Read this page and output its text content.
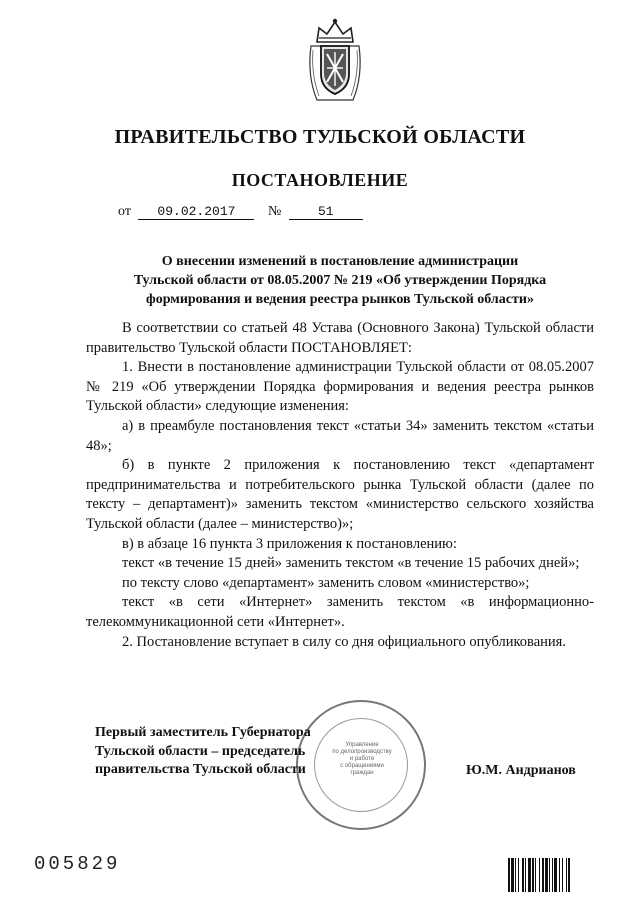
ПРАВИТЕЛЬСТВО ТУЛЬСКОЙ ОБЛАСТИ
ПОСТАНОВЛЕНИЕ
от 09.02.2017 №	51
О внесении изменений в постановление администрации
Тульской области от 08.05.2007 № 219 «Об утверждении Порядка
формирования и ведения реестра рынков Тульской области»

В соответствии со статьей 48 Устава (Основного Закона) Тульской области правительство Тульской области ПОСТАНОВЛЯЕТ:

1. Внести в постановление администрации Тульской области от 08.05.2007 № 219 «Об утверждении Порядка формирования и ведения реестра рынков Тульской области» следующие изменения:

а) в преамбуле постановления текст «статьи 34» заменить текстом «статьи 48»;

б) в пункте 2 приложения к постановлению текст «департамент предпринимательства и потребительского рынка Тульской области (далее по тексту – департамент)» заменить текстом «министерство сельского хозяйства Тульской области (далее – министерство)»;

в) в абзаце 16 пункта 3 приложения к постановлению:

текст «в течение 15 дней» заменить текстом «в течение 15 рабочих дней»;

по тексту слово «департамент» заменить словом «министерство»;

текст «в сети «Интернет» заменить текстом «в информационно-телекоммуникационной сети «Интернет».

2. Постановление вступает в силу со дня официального опубликования.

Управление
по делопроизводству
и работе
с обращениями
граждан
Первый заместитель Губернатора
Тульской области – председатель
правительства Тульской области	Ю.М. Андрианов
005829
